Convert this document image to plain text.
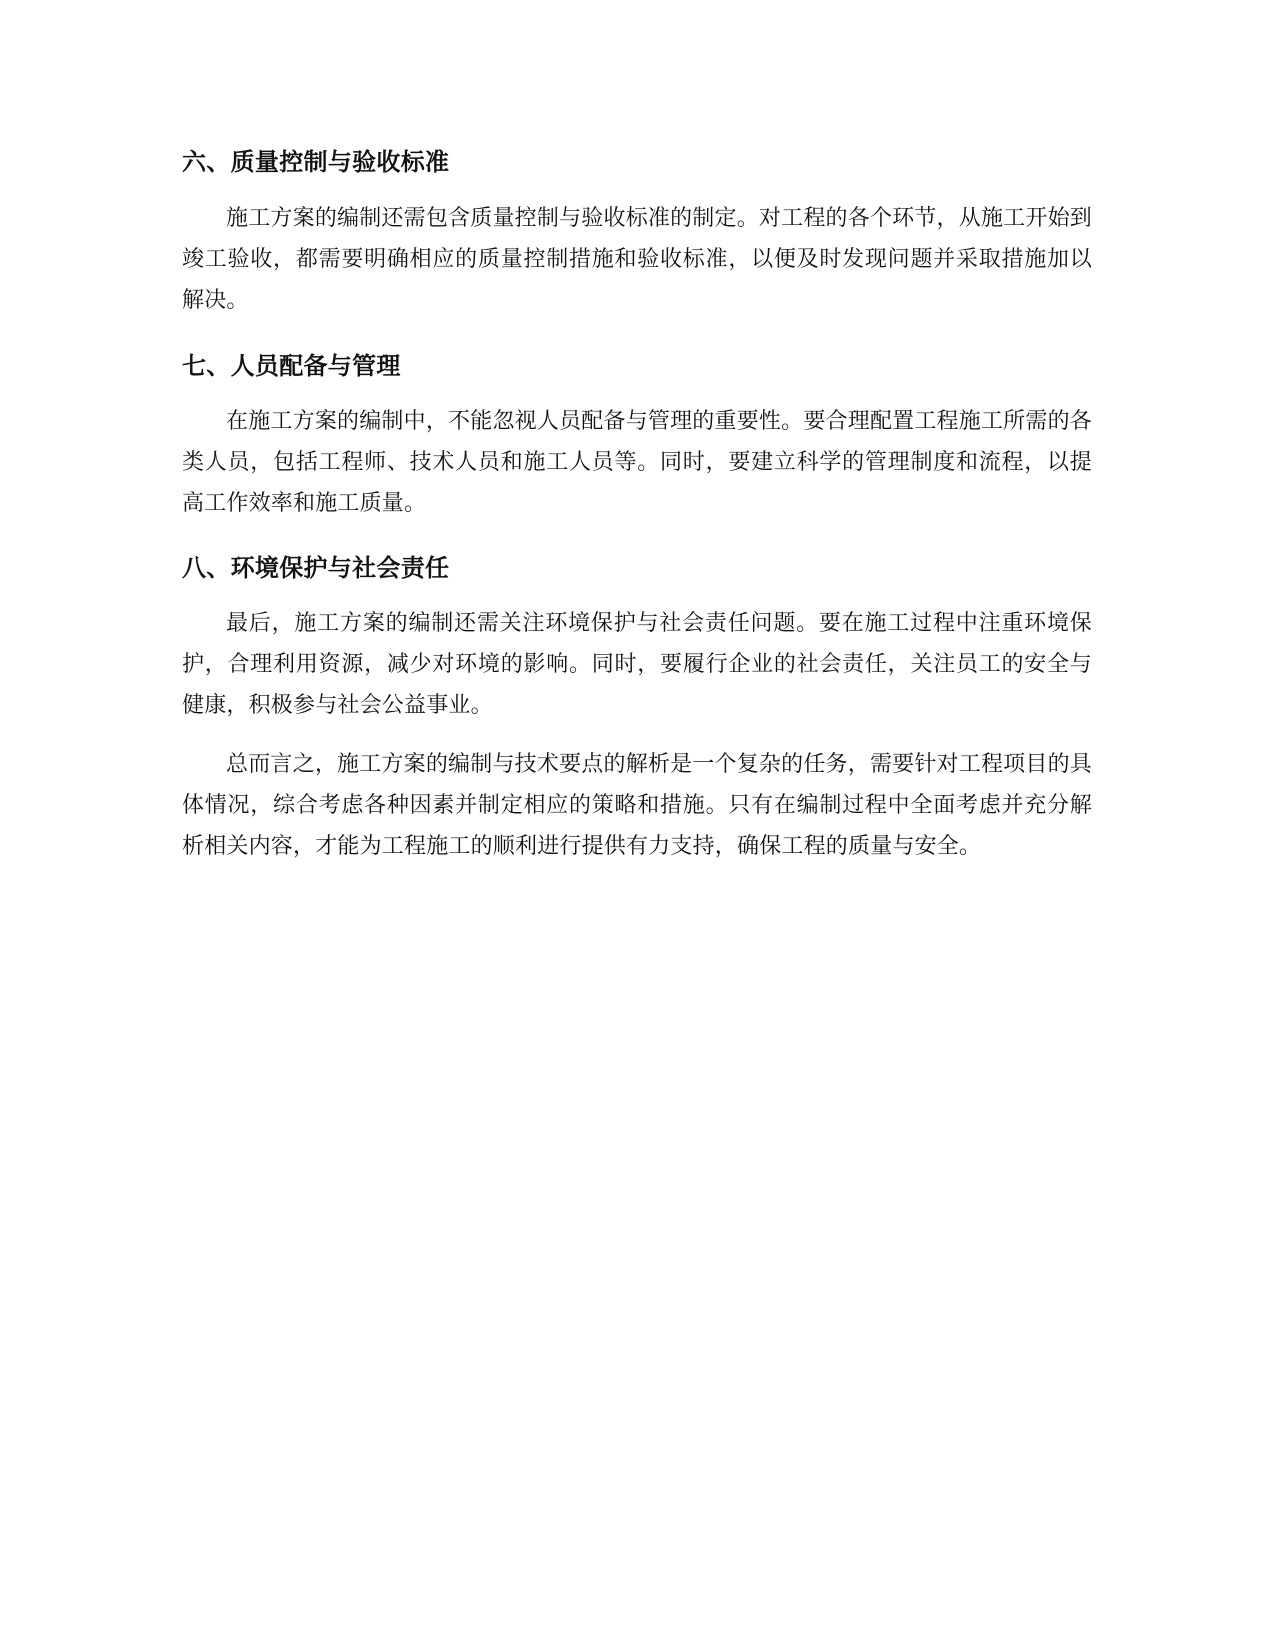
六、质量控制与验收标准

施工方案的编制还需包含质量控制与验收标准的制定。对工程的各个环节，从施工开始到竣工验收，都需要明确相应的质量控制措施和验收标准，以便及时发现问题并采取措施加以解决。

七、人员配备与管理

在施工方案的编制中，不能忽视人员配备与管理的重要性。要合理配置工程施工所需的各类人员，包括工程师、技术人员和施工人员等。同时，要建立科学的管理制度和流程，以提高工作效率和施工质量。

八、环境保护与社会责任

最后，施工方案的编制还需关注环境保护与社会责任问题。要在施工过程中注重环境保护，合理利用资源，减少对环境的影响。同时，要履行企业的社会责任，关注员工的安全与健康，积极参与社会公益事业。

总而言之，施工方案的编制与技术要点的解析是一个复杂的任务，需要针对工程项目的具体情况，综合考虑各种因素并制定相应的策略和措施。只有在编制过程中全面考虑并充分解析相关内容，才能为工程施工的顺利进行提供有力支持，确保工程的质量与安全。
